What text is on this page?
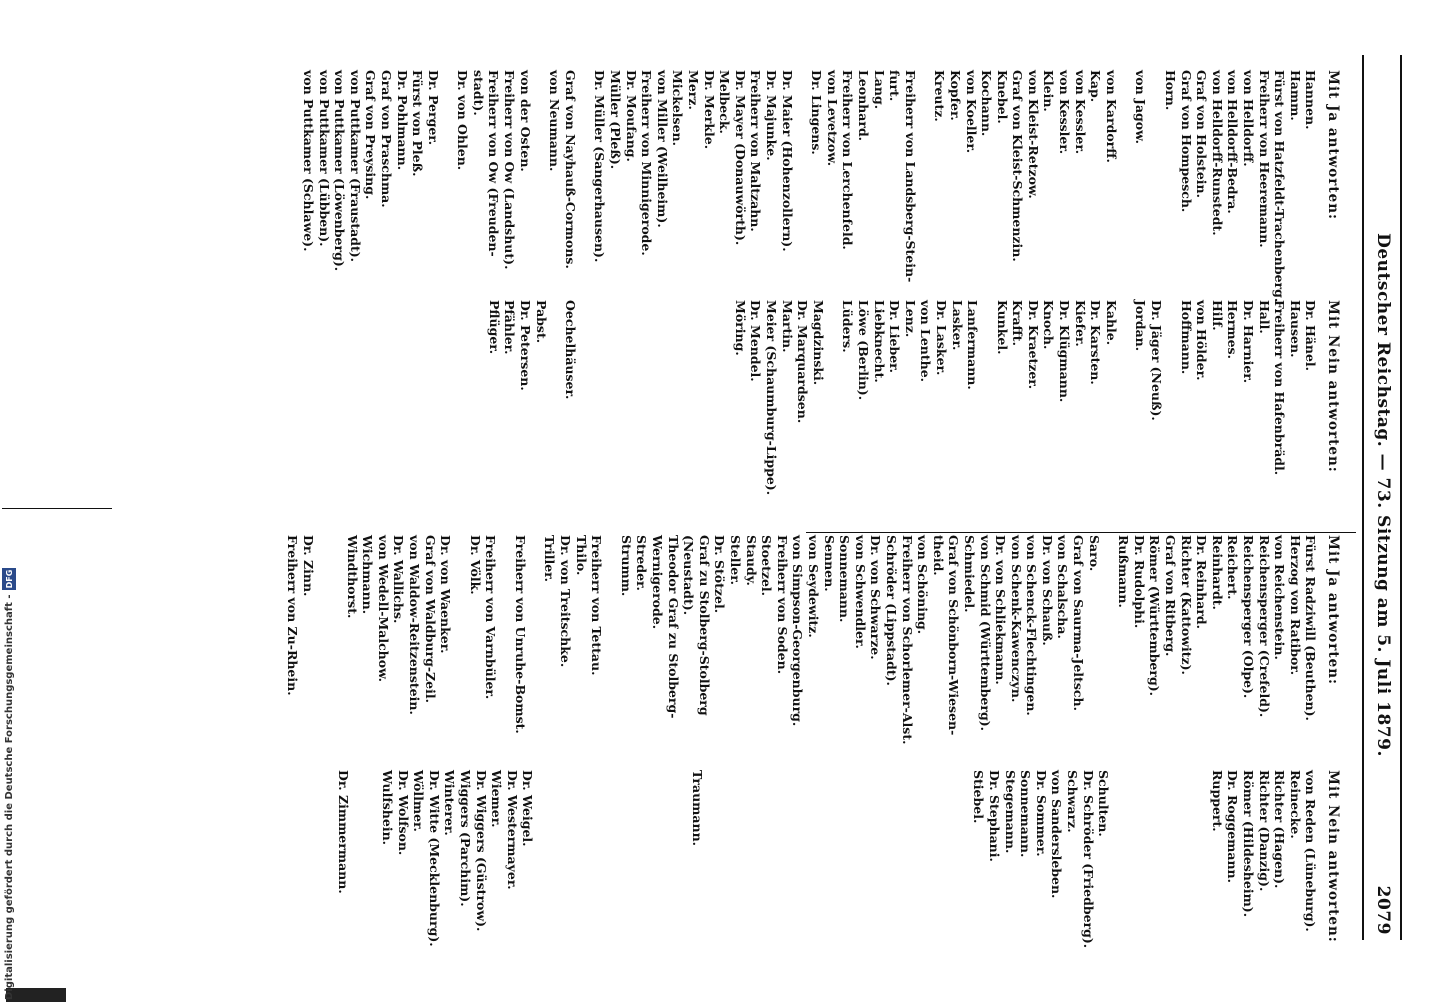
Deutscher Reichstag. — 73. Sitzung am 5. Juli 1879.
2079
Mit Ja antworten:
Hannen.
Hamm.
Fürst von Hatzfeldt-Trachenberg.
Freiherr von Heeremann.
von Helldorff.
von Helldorff-Bedra.
von Helldorff-Runstedt.
Graf von Holstein.
Graf von Hompesch.
Horn.
von Jagow.
von Kardorff.
Kap.
von Kessler.
von Kessler.
Klein.
von Kleist-Retzow.
Graf von Kleist-Schmenzin.
Knebel.
Kochann.
von Koeller.
Kopfer.
Kreutz.
Freiherr von Landsberg-Stein-
furt.
Lang.
Leonhard.
Freiherr von Lerchenfeld.
von Levetzow.
Dr. Lingens.
Dr. Maier (Hohenzollern).
Dr. Majunke.
Freiherr von Maltzahn.
Dr. Mayer (Donauwörth).
Melbeck.
Dr. Merkle.
Merz.
Mickelsen.
von Miller (Weilheim).
Freiherr von Minnigerode.
Dr. Moufang.
Müller (Pleß).
Dr. Müller (Sangerhausen).
Graf von Nayhauß-Cormons.
von Neumann.
von der Osten.
Freiherr von Ow (Landshut).
Freiherr von Ow (Freuden-
stadt).
Dr. von Ohlen.
Dr. Perger.
Fürst von Pleß.
Dr. Pohlmann.
Graf von Praschma.
Graf von Preysing.
von Puttkamer (Fraustadt).
von Puttkamer (Löwenberg).
von Puttkamer (Lübben).
von Puttkamer (Schlawe).
Mit Nein antworten:
Dr. Hänel.
Hausen.
Freiherr von Hafenbrädl.
Hall.
Dr. Harnier.
Hermes.
Hilf.
von Hölder.
Hoffmann.
Dr. Jäger (Neuß).
Jordan.
Kahle.
Dr. Karsten.
Kiefer.
Dr. Klügmann.
Knoch.
Dr. Kraetzer.
Krafft.
Kunkel.
Lanfermann.
Lasker.
Dr. Lasker.
von Lenthe.
Lenz.
Dr. Lieber.
Liebknecht.
Löwe (Berlin).
Lüders.
Magdzinski.
Dr. Marquardsen.
Martin.
Meier (Schaumburg-Lippe).
Dr. Mendel.
Möring.
Oechelhäuser.
Pabst.
Dr. Petersen.
Pfähler.
Pflüger.
Mit Ja antworten:
Fürst Radziwill (Beuthen).
Herzog von Ratibor.
von Reichenstein.
Reichensperger (Crefeld).
Reichensperger (Olpe).
Reichert.
Reinhardt.
Dr. Reinhard.
Richter (Kattowitz).
Graf von Ritberg.
Römer (Württemberg).
Dr. Rudolphi.
Rußmann.
Saro.
Graf von Saurma-Jeltsch.
von Schalscha.
Dr. von Schauß.
von Schenck-Flechtingen.
von Schenk-Kawenczyn.
Dr. von Schliekmann.
von Schmid (Württemberg).
Schmiedel.
Graf von Schönborn-Wiesen-
theid.
von Schöning.
Freiherr von Schorlemer-Alst.
Schröder (Lippstadt).
Dr. von Schwarze.
von Schwendler.
Sonnemann.
Sennen.
von Seydewitz.
von Simpson-Georgenburg.
Freiherr von Soden.
Stoetzel.
Staudy.
Steller.
Dr. Stötzel.
Graf zu Stolberg-Stolberg
(Neustadt).
Theodor Graf zu Stolberg-
Wernigerode.
Streder.
Strumm.
Freiherr von Tettau.
Thilo.
Dr. von Treitschke.
Triller.
Freiherr von Unruhe-Bomst.
Freiherr von Varnbüler.
Dr. Völk.
Dr. von Waenker.
Graf von Waldburg-Zeil.
von Waldow-Reitzenstein.
Dr. Wallichs.
von Wedell-Malchow.
Wichmann.
Windthorst.
Dr. Zinn.
Freiherr von Zu-Rhein.
Mit Nein antworten:
von Reden (Lüneburg).
Reinecke.
Richter (Hagen).
Richter (Danzig).
Römer (Hildesheim).
Dr. Roggemann.
Ruppert.
Schulten.
Dr. Schröder (Friedberg).
Schwarz.
von Sandersleben.
Dr. Sommer.
Sonnemann.
Stegemann.
Dr. Stephani.
Stiebel.
Traumann.
Dr. Weigel.
Dr. Westermayer.
Wiemer.
Dr. Wiggers (Güstrow).
Wiggers (Parchim).
Winterer.
Dr. Witte (Mecklenburg).
Wöllmer.
Dr. Wolfson.
Wulfshein.
Dr. Zimmermann.
Digitalisierung gefördert durch die Deutsche Forschungsgemeinschaft -
DFG
